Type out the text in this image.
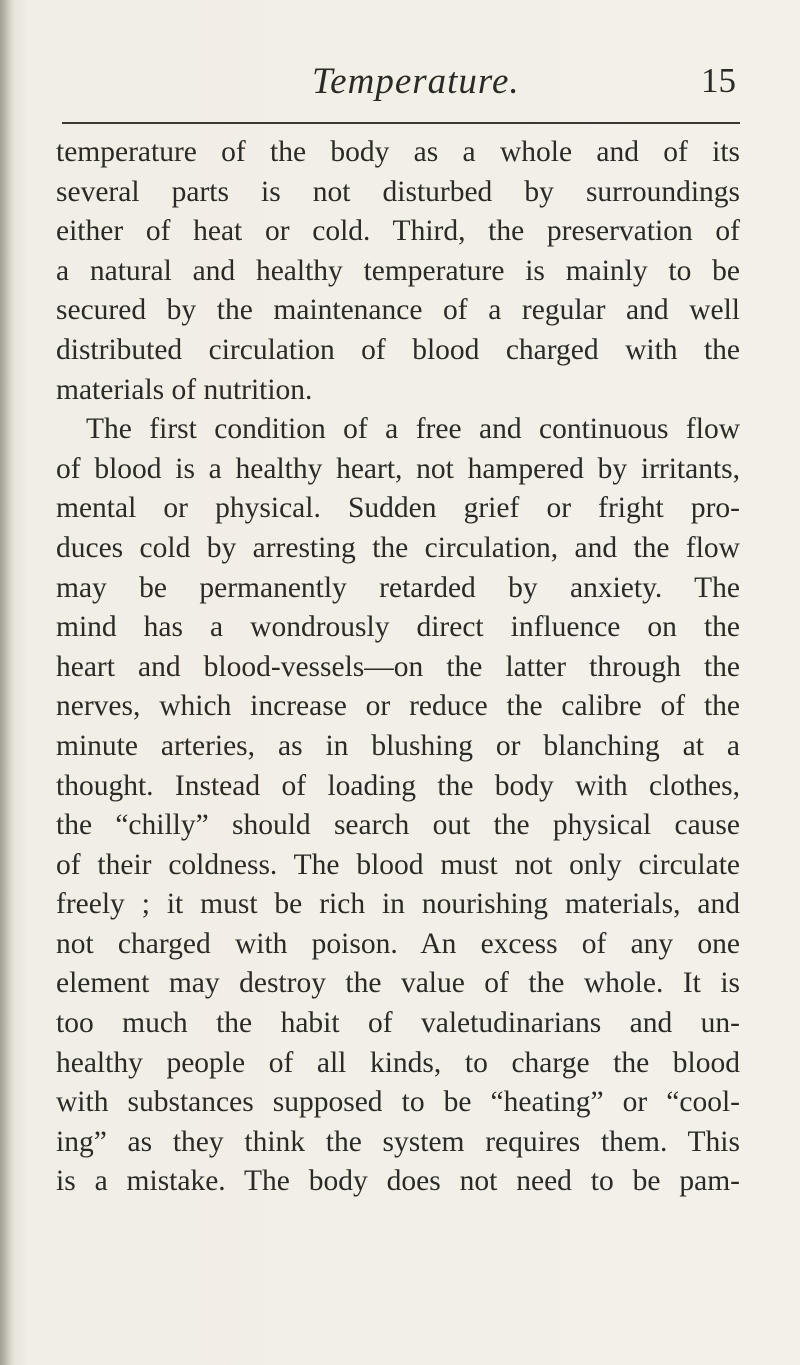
Temperature.	15
temperature of the body as a whole and of its
several parts is not disturbed by surroundings
either of heat or cold. Third, the preservation of
a natural and healthy temperature is mainly to be
secured by the maintenance of a regular and well
distributed circulation of blood charged with the
materials of nutrition.
The first condition of a free and continuous flow
of blood is a healthy heart, not hampered by irritants,
mental or physical. Sudden grief or fright pro-
duces cold by arresting the circulation, and the flow
may be permanently retarded by anxiety. The
mind has a wondrously direct influence on the
heart and blood-vessels—on the latter through the
nerves, which increase or reduce the calibre of the
minute arteries, as in blushing or blanching at a
thought. Instead of loading the body with clothes,
the “chilly” should search out the physical cause
of their coldness. The blood must not only circulate
freely ; it must be rich in nourishing materials, and
not charged with poison. An excess of any one
element may destroy the value of the whole. It is
too much the habit of valetudinarians and un-
healthy people of all kinds, to charge the blood
with substances supposed to be “heating” or “cool-
ing” as they think the system requires them. This
is a mistake. The body does not need to be pam-
